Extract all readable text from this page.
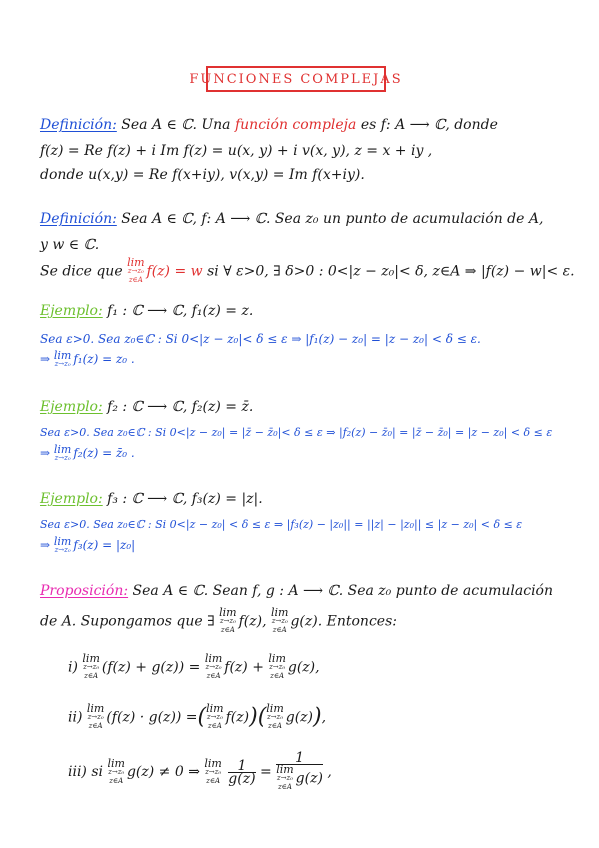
FUNCIONES COMPLEJAS
Definición: Sea A ∈ ℂ. Una función compleja es f: A ⟶ ℂ, donde
f(z) = Re f(z) + i Im f(z) = u(x, y) + i v(x, y), z = x + iy ,
donde u(x,y) = Re f(x+iy), v(x,y) = Im f(x+iy).
Definición: Sea A ∈ ℂ, f: A ⟶ ℂ. Sea z₀ un punto de acumulación de A,
y w ∈ ℂ.
Se dice que
lim
z→z₀
z∈A
f(z) = w si ∀ ε>0, ∃ δ>0 : 0<|z − z₀|< δ, z∈A ⇒ |f(z) − w|< ε.
Ejemplo: f₁ : ℂ ⟶ ℂ, f₁(z) = z.
Sea ε>0. Sea z₀∈ℂ : Si 0<|z − z₀|< δ ≤ ε ⇒ |f₁(z) − z₀| = |z − z₀| < δ ≤ ε.
⇒ lim
z→z₀ f₁(z) = z₀ .
Ejemplo: f₂ : ℂ ⟶ ℂ, f₂(z) = z̄.
Sea ε>0. Sea z₀∈ℂ : Si 0<|z − z₀| = |z̄ − z̄₀|< δ ≤ ε ⇒ |f₂(z) − z̄₀| = |z̄ − z̄₀| = |z − z₀| < δ ≤ ε
⇒ lim
z→z₀ f₂(z) = z̄₀ .
Ejemplo: f₃ : ℂ ⟶ ℂ, f₃(z) = |z|.
Sea ε>0. Sea z₀∈ℂ : Si 0<|z − z₀| < δ ≤ ε ⇒ |f₃(z) − |z₀|| = ||z| − |z₀|| ≤ |z − z₀| < δ ≤ ε
⇒ lim
z→z₀ f₃(z) = |z₀|
Proposición: Sea A ∈ ℂ. Sean f, g : A ⟶ ℂ. Sea z₀ punto de acumulación
de A. Supongamos que ∃
lim
z→z₀
z∈A
f(z),
lim
z→z₀
z∈A
g(z). Entonces:
i)
lim
z→z₀
z∈A
(f(z) + g(z)) =
lim
z→z₀
z∈A
f(z) +
lim
z→z₀
z∈A
g(z),
ii)
lim
z→z₀
z∈A
(f(z) · g(z)) =( lim
z→z₀
z∈A
f(z))( lim
z→z₀
z∈A
g(z)),
iii) si
lim
z→z₀
z∈A
g(z) ≠ 0 ⇒
lim
z→z₀
z∈A
$\frac{1}{g(z)} = 1$
lim
z→z₀
z∈A
g(z) ,
